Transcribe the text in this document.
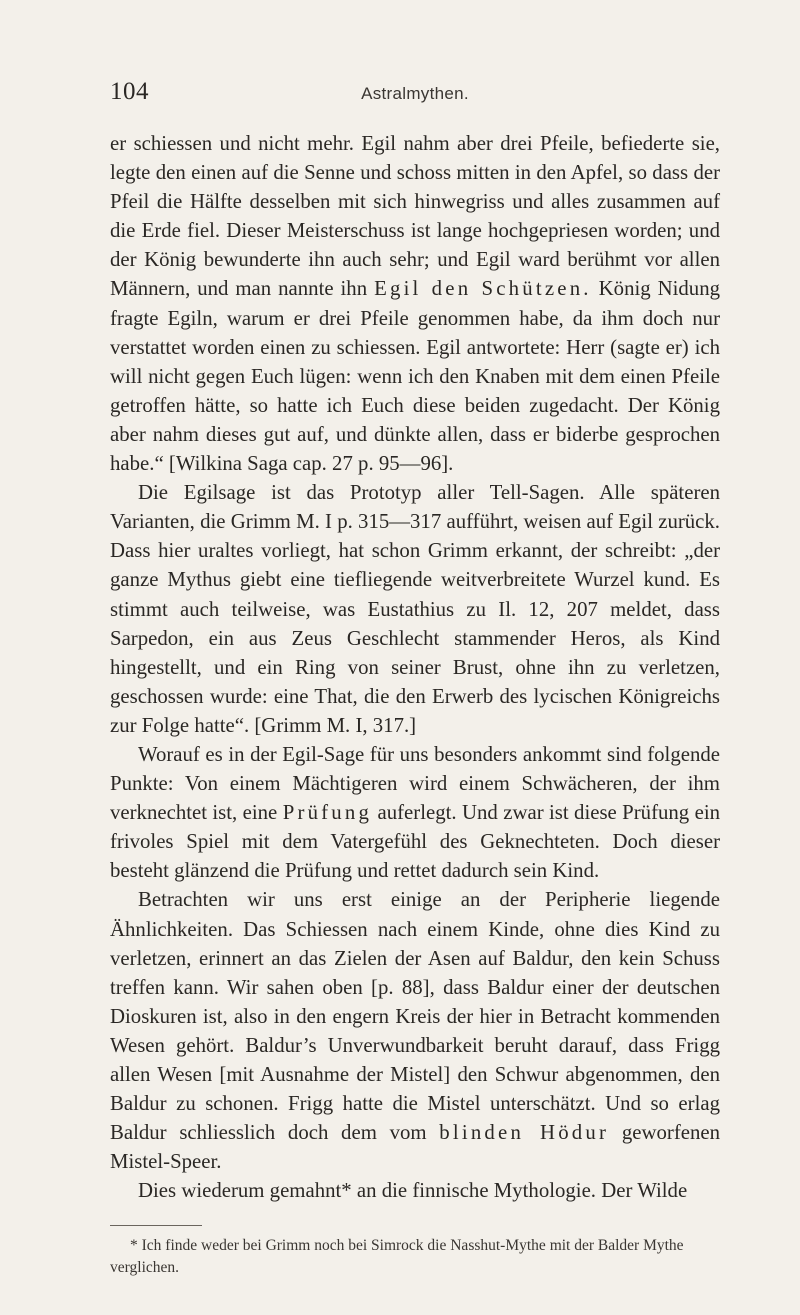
104	Astralmythen.

er schiessen und nicht mehr. Egil nahm aber drei Pfeile, befiederte sie, legte den einen auf die Senne und schoss mitten in den Apfel, so dass der Pfeil die Hälfte desselben mit sich hinwegriss und alles zusammen auf die Erde fiel. Dieser Meisterschuss ist lange hochgepriesen worden; und der König bewunderte ihn auch sehr; und Egil ward berühmt vor allen Männern, und man nannte ihn Egil den Schützen. König Nidung fragte Egiln, warum er drei Pfeile genommen habe, da ihm doch nur verstattet worden einen zu schiessen. Egil antwortete: Herr (sagte er) ich will nicht gegen Euch lügen: wenn ich den Knaben mit dem einen Pfeile getroffen hätte, so hatte ich Euch diese beiden zugedacht. Der König aber nahm dieses gut auf, und dünkte allen, dass er biderbe gesprochen habe.“ [Wilkina Saga cap. 27 p. 95—96].

Die Egilsage ist das Prototyp aller Tell-Sagen. Alle späteren Varianten, die Grimm M. I p. 315—317 aufführt, weisen auf Egil zurück. Dass hier uraltes vorliegt, hat schon Grimm erkannt, der schreibt: „der ganze Mythus giebt eine tiefliegende weitverbreitete Wurzel kund. Es stimmt auch teilweise, was Eustathius zu Il. 12, 207 meldet, dass Sarpedon, ein aus Zeus Geschlecht stammender Heros, als Kind hingestellt, und ein Ring von seiner Brust, ohne ihn zu verletzen, geschossen wurde: eine That, die den Erwerb des lycischen Königreichs zur Folge hatte“. [Grimm M. I, 317.]

Worauf es in der Egil-Sage für uns besonders ankommt sind folgende Punkte: Von einem Mächtigeren wird einem Schwächeren, der ihm verknechtet ist, eine Prüfung auferlegt. Und zwar ist diese Prüfung ein frivoles Spiel mit dem Vatergefühl des Geknechteten. Doch dieser besteht glänzend die Prüfung und rettet dadurch sein Kind.

Betrachten wir uns erst einige an der Peripherie liegende Ähnlichkeiten. Das Schiessen nach einem Kinde, ohne dies Kind zu verletzen, erinnert an das Zielen der Asen auf Baldur, den kein Schuss treffen kann. Wir sahen oben [p. 88], dass Baldur einer der deutschen Dioskuren ist, also in den engern Kreis der hier in Betracht kommenden Wesen gehört. Baldur’s Unverwundbarkeit beruht darauf, dass Frigg allen Wesen [mit Ausnahme der Mistel] den Schwur abgenommen, den Baldur zu schonen. Frigg hatte die Mistel unterschätzt. Und so erlag Baldur schliesslich doch dem vom blinden Hödur geworfenen Mistel-Speer.

Dies wiederum gemahnt* an die finnische Mythologie. Der Wilde

* Ich finde weder bei Grimm noch bei Simrock die Nasshut-Mythe mit der Balder Mythe verglichen.
